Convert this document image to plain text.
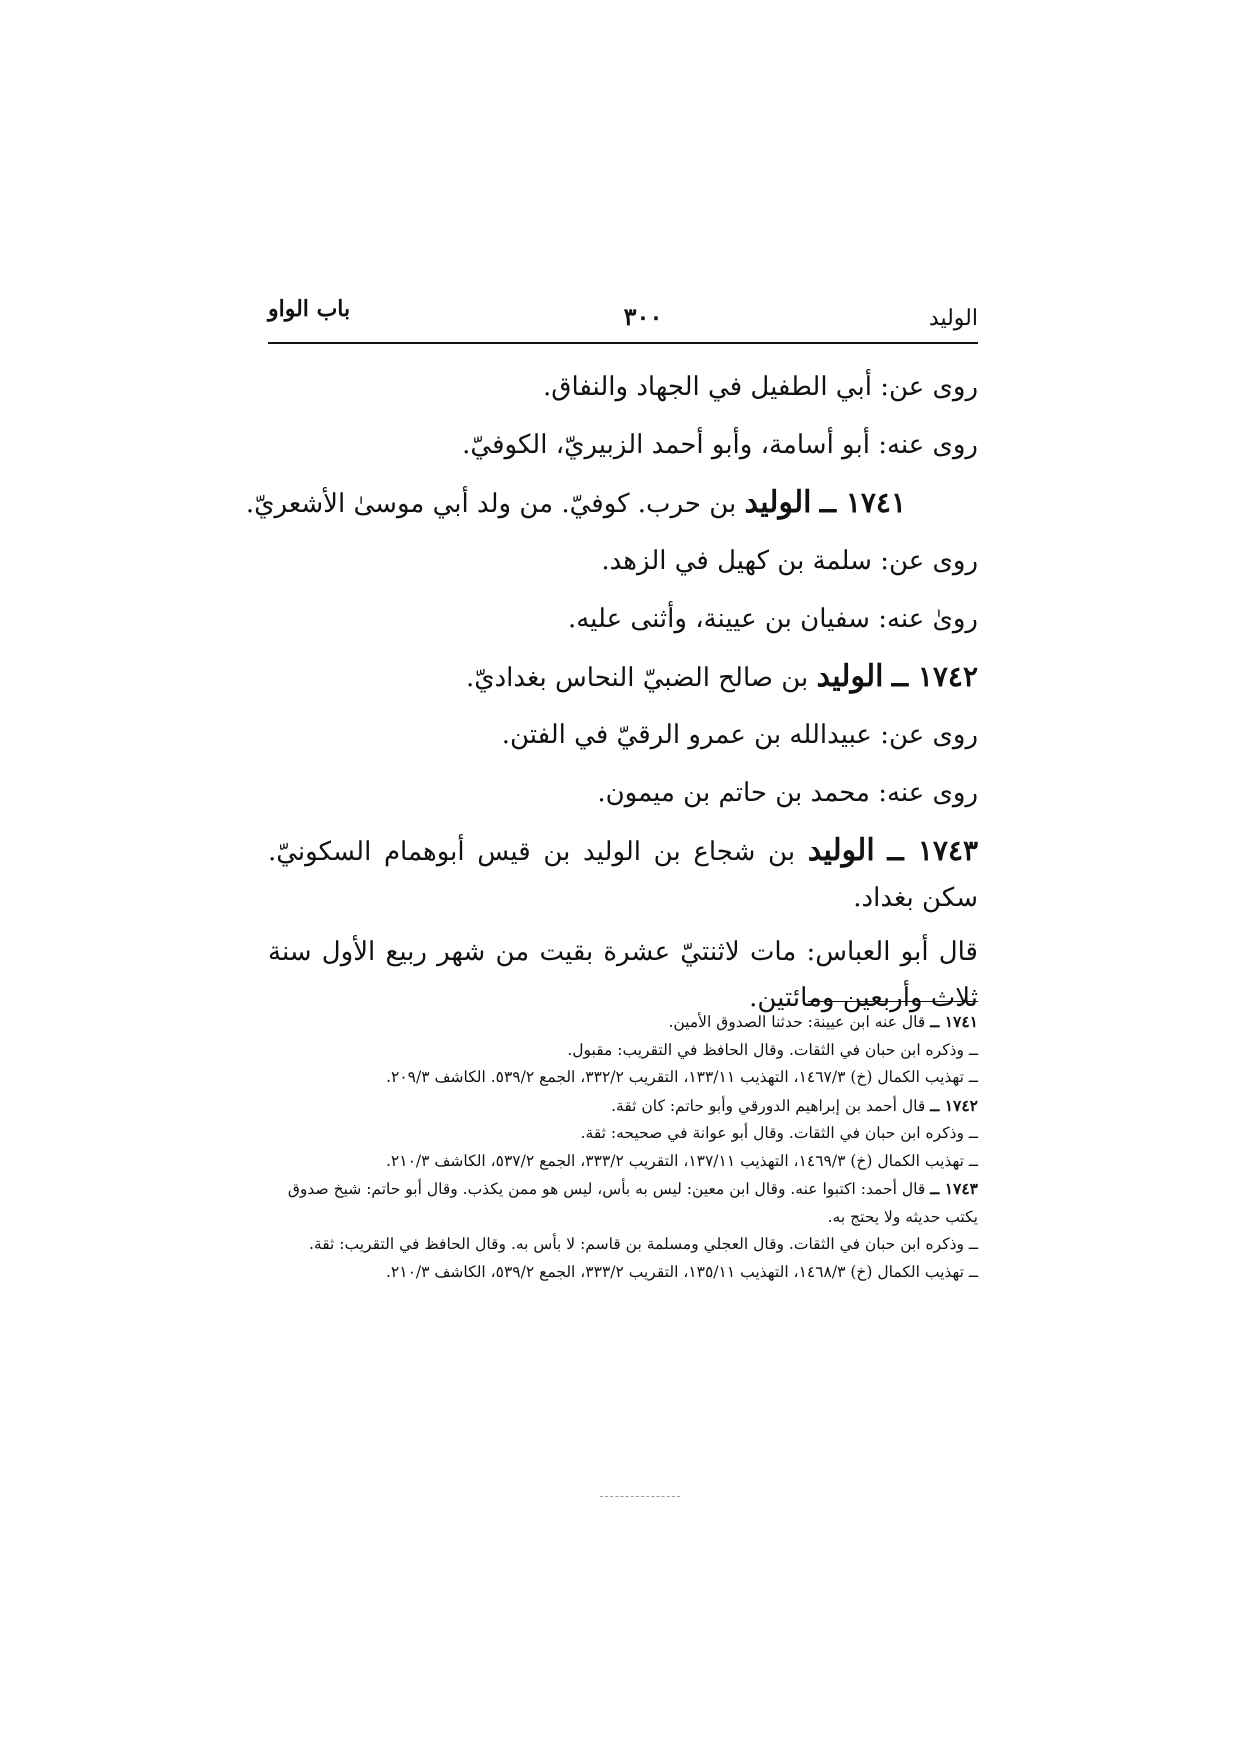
باب الواو	٣٠٠	الوليد
روى عن: أبي الطفيل في الجهاد والنفاق.
روى عنه: أبو أسامة، وأبو أحمد الزبيريّ، الكوفيّ.
١٧٤١ ــ الوليد بن حرب. كوفيّ. من ولد أبي موسىٰ الأشعريّ.
روى عن: سلمة بن كهيل في الزهد.
روىٰ عنه: سفيان بن عيينة، وأثنى عليه.
١٧٤٢ ــ الوليد بن صالح الضبيّ النحاس بغداديّ.
روى عن: عبيدالله بن عمرو الرقيّ في الفتن.
روى عنه: محمد بن حاتم بن ميمون.
١٧٤٣ ــ الوليد بن شجاع بن الوليد بن قيس أبوهمام السكونيّ. سكن بغداد.
قال أبو العباس: مات لاثنتيّ عشرة بقيت من شهر ربيع الأول سنة ثلاث وأربعين ومائتين.
١٧٤١ ــ قال عنه ابن عيينة: حدثنا الصدوق الأمين.
ــ وذكره ابن حبان في الثقات. وقال الحافظ في التقريب: مقبول.
ــ تهذيب الكمال (خ) ١٤٦٧/٣، التهذيب ١٣٣/١١، التقريب ٣٣٢/٢، الجمع ٥٣٩/٢. الكاشف ٢٠٩/٣.
١٧٤٢ ــ قال أحمد بن إبراهيم الدورقي وأبو حاتم: كان ثقة.
ــ وذكره ابن حبان في الثقات. وقال أبو عوانة في صحيحه: ثقة.
ــ تهذيب الكمال (خ) ١٤٦٩/٣، التهذيب ١٣٧/١١، التقريب ٣٣٣/٢، الجمع ٥٣٧/٢، الكاشف ٢١٠/٣.
١٧٤٣ ــ قال أحمد: اكتبوا عنه. وقال ابن معين: ليس به بأس، ليس هو ممن يكذب. وقال أبو حاتم: شيخ صدوق يكتب حديثه ولا يحتج به.
ــ وذكره ابن حبان في الثقات. وقال العجلي ومسلمة بن قاسم: لا بأس به. وقال الحافظ في التقريب: ثقة.
ــ تهذيب الكمال (خ) ١٤٦٨/٣، التهذيب ١٣٥/١١، التقريب ٣٣٣/٢، الجمع ٥٣٩/٢، الكاشف ٢١٠/٣.
